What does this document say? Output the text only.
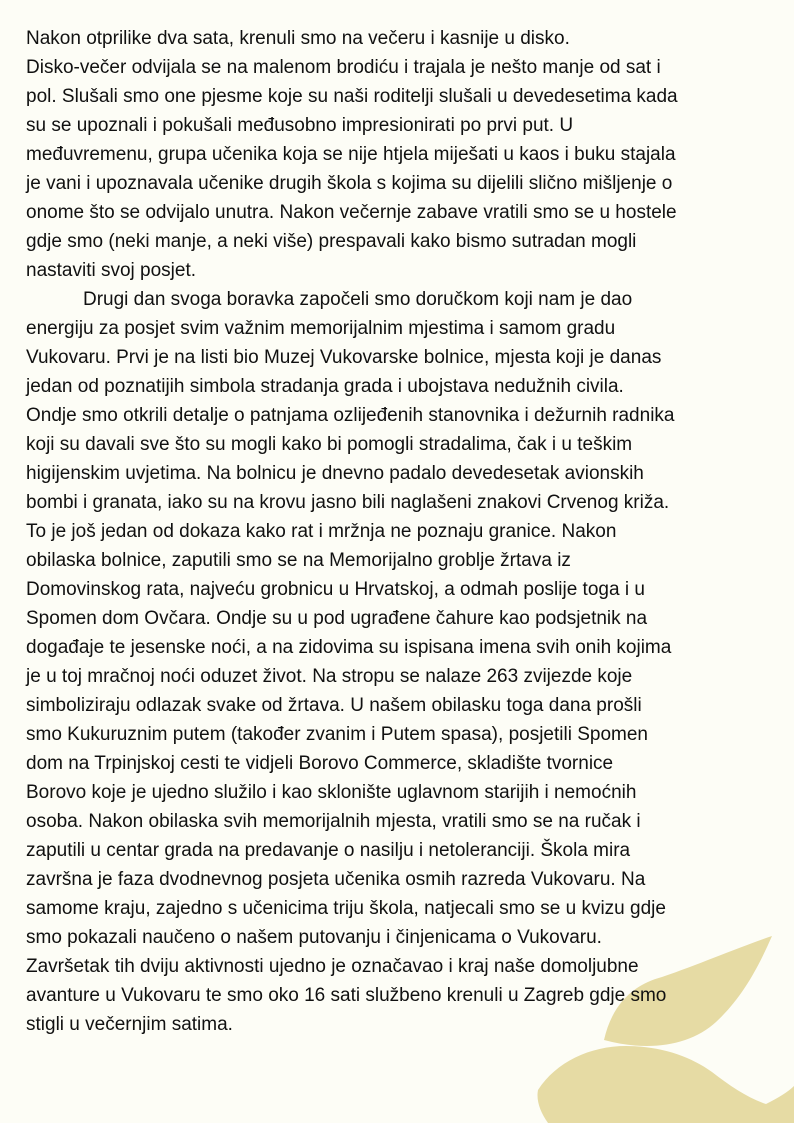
Nakon otprilike dva sata, krenuli smo na večeru i kasnije u disko.
Disko-večer odvijala se na malenom brodiću i trajala je nešto manje od sat i
pol. Slušali smo one pjesme koje su naši roditelji slušali u devedesetima kada
su se upoznali i pokušali međusobno impresionirati po prvi put. U
međuvremenu, grupa učenika koja se nije htjela miješati u kaos i buku stajala
je vani i upoznavala učenike drugih škola s kojima su dijelili slično mišljenje o
onome što se odvijalo unutra. Nakon večernje zabave vratili smo se u hostele
gdje smo (neki manje, a neki više) prespavali kako bismo sutradan mogli
nastaviti svoj posjet.

Drugi dan svoga boravka započeli smo doručkom koji nam je dao
energiju za posjet svim važnim memorijalnim mjestima i samom gradu
Vukovaru. Prvi je na listi bio Muzej Vukovarske bolnice, mjesta koji je danas
jedan od poznatijih simbola stradanja grada i ubojstava nedužnih civila.
Ondje smo otkrili detalje o patnjama ozlijeđenih stanovnika i dežurnih radnika
koji su davali sve što su mogli kako bi pomogli stradalima, čak i u teškim
higijenskim uvjetima. Na bolnicu je dnevno padalo devedesetak avionskih
bombi i granata, iako su na krovu jasno bili naglašeni znakovi Crvenog križa.
To je još jedan od dokaza kako rat i mržnja ne poznaju granice. Nakon
obilaska bolnice, zaputili smo se na Memorijalno groblje žrtava iz
Domovinskog rata, najveću grobnicu u Hrvatskoj, a odmah poslije toga i u
Spomen dom Ovčara. Ondje su u pod ugrađene čahure kao podsjetnik na
događaje te jesenske noći, a na zidovima su ispisana imena svih onih kojima
je u toj mračnoj noći oduzet život. Na stropu se nalaze 263 zvijezde koje
simboliziraju odlazak svake od žrtava. U našem obilasku toga dana prošli
smo Kukuruznim putem (također zvanim i Putem spasa), posjetili Spomen
dom na Trpinjskoj cesti te vidjeli Borovo Commerce, skladište tvornice
Borovo koje je ujedno služilo i kao sklonište uglavnom starijih i nemoćnih
osoba. Nakon obilaska svih memorijalnih mjesta, vratili smo se na ručak i
zaputili u centar grada na predavanje o nasilju i netoleranciji. Škola mira
završna je faza dvodnevnog posjeta učenika osmih razreda Vukovaru. Na
samome kraju, zajedno s učenicima triju škola, natjecali smo se u kvizu gdje
smo pokazali naučeno o našem putovanju i činjenicama o Vukovaru.
Završetak tih dviju aktivnosti ujedno je označavao i kraj naše domoljubne
avanture u Vukovaru te smo oko 16 sati službeno krenuli u Zagreb gdje smo
stigli u večernjim satima.
